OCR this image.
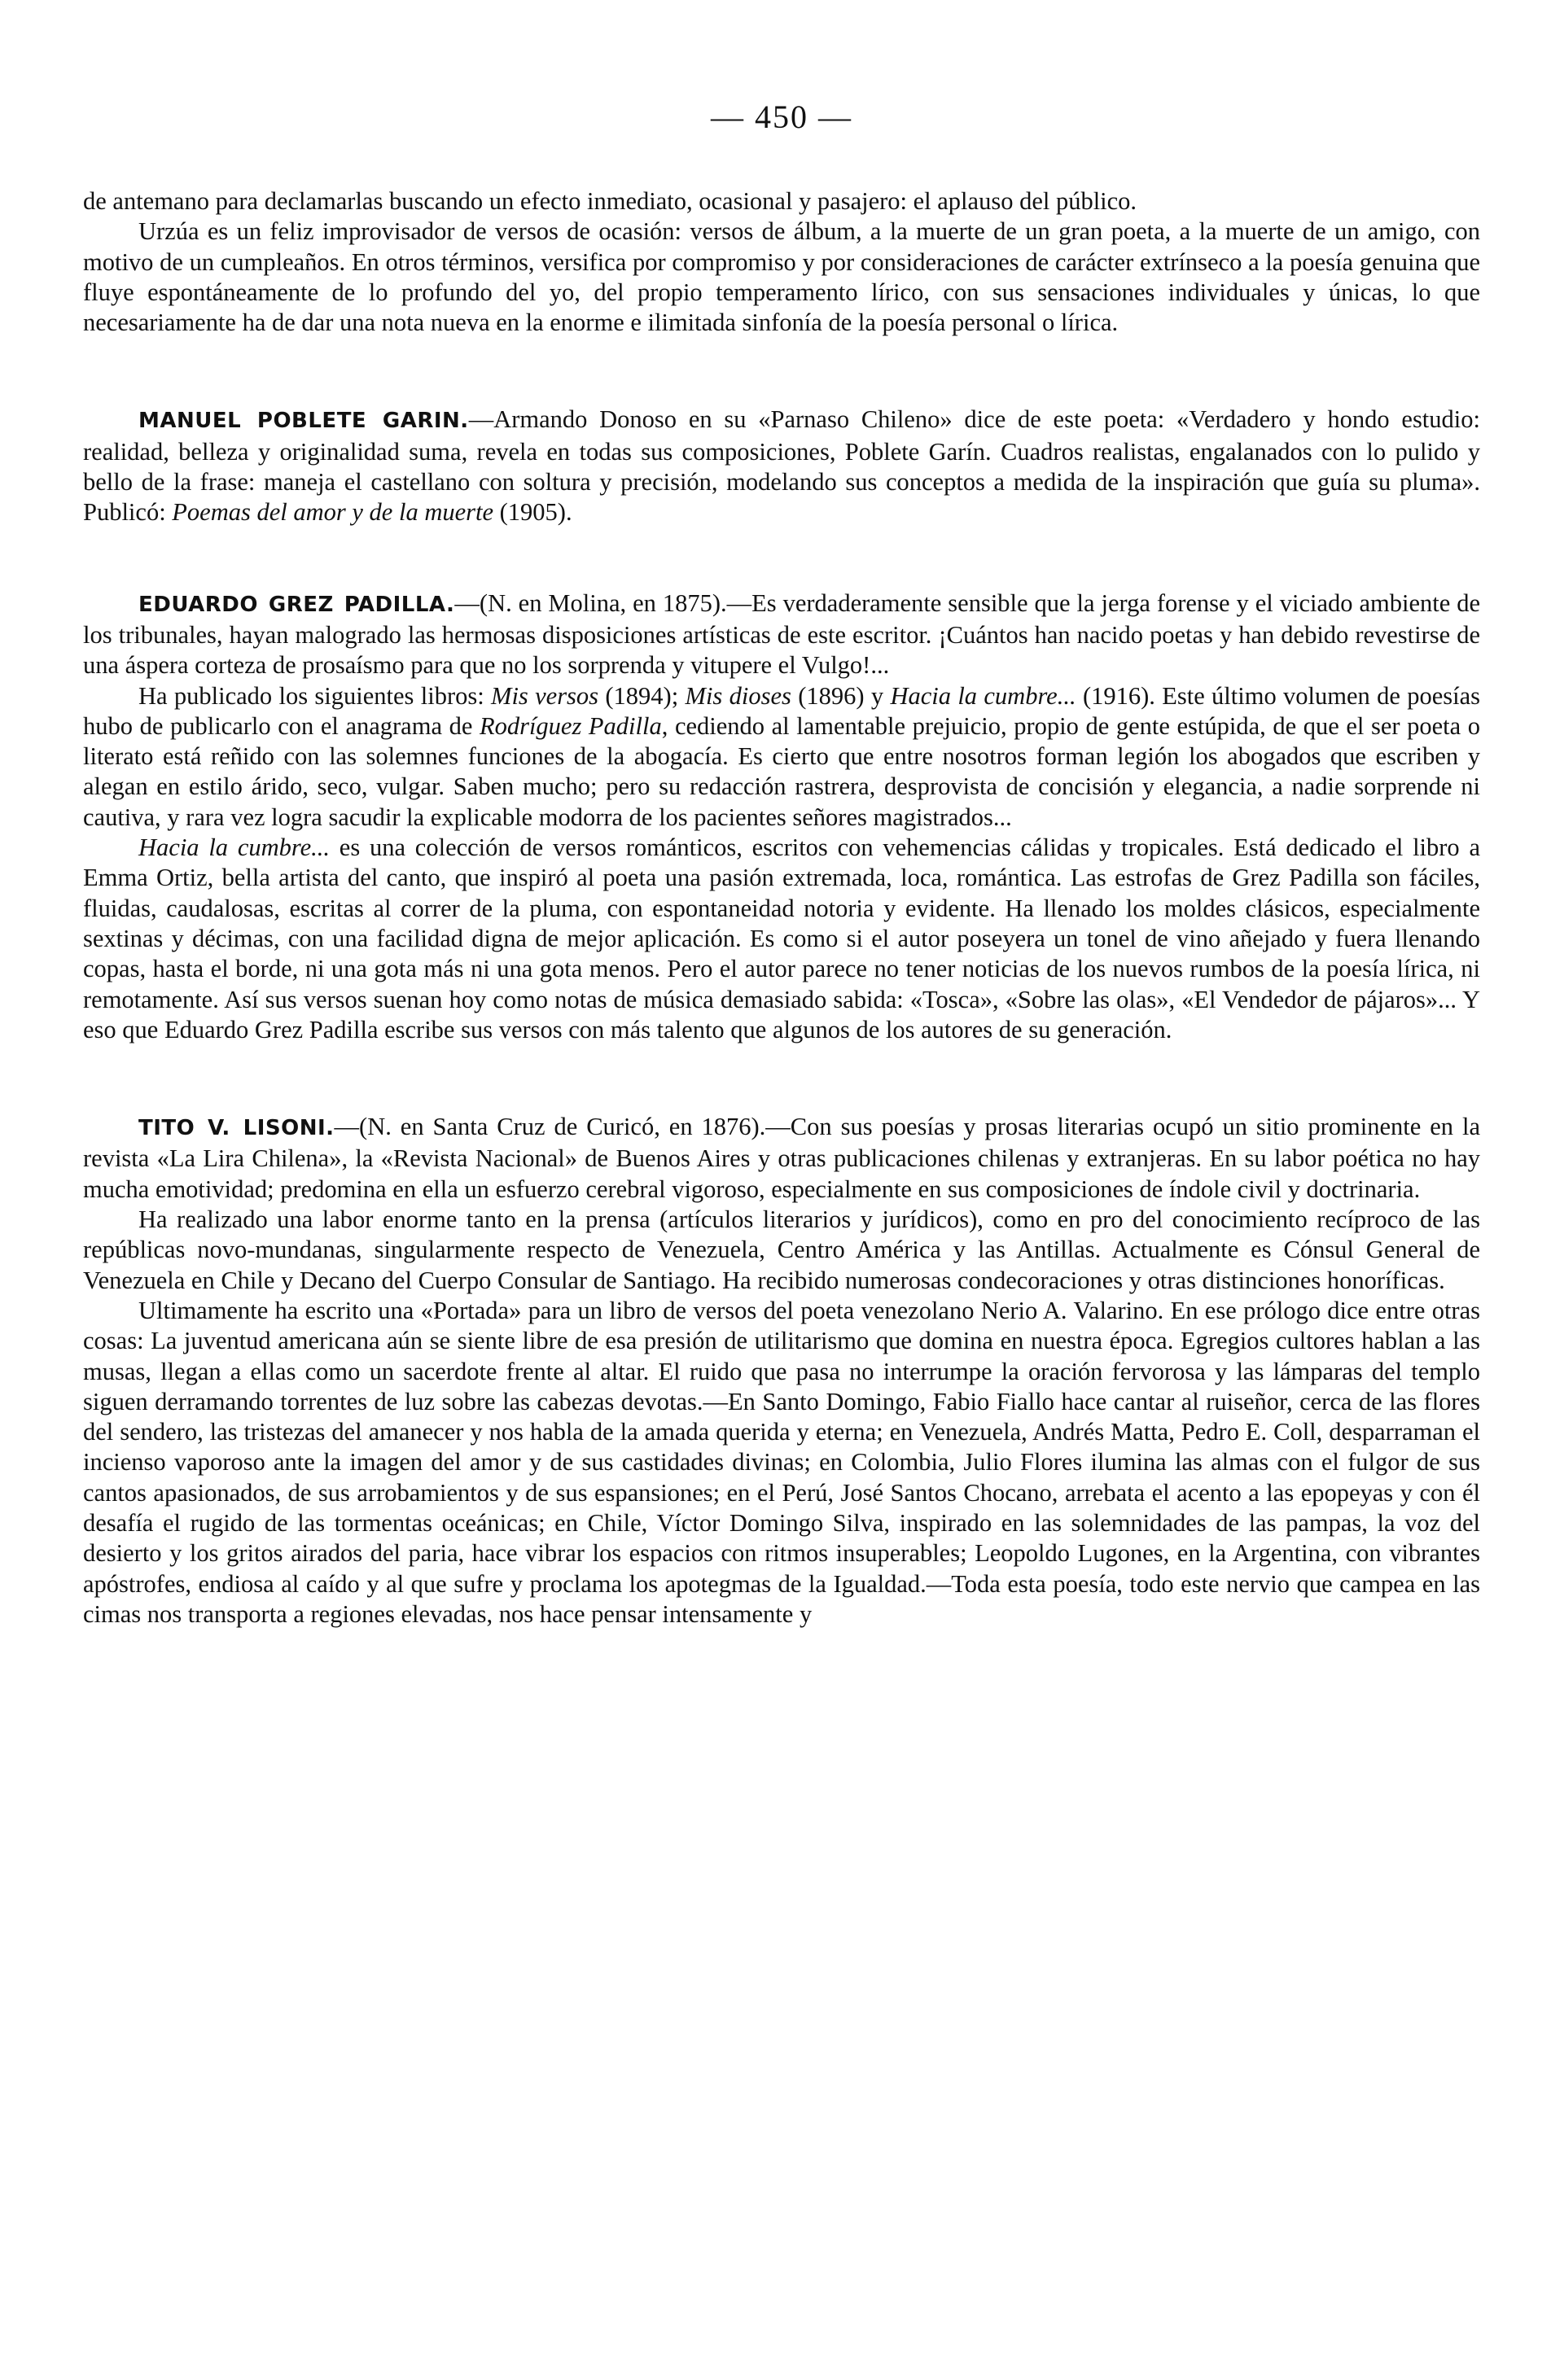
— 450 —

de antemano para declamarlas buscando un efecto inmediato, ocasional y pasajero: el aplauso del público.

Urzúa es un feliz improvisador de versos de ocasión: versos de álbum, a la muerte de un gran poeta, a la muerte de un amigo, con motivo de un cumpleaños. En otros términos, versifica por compromiso y por consideraciones de carácter extrínseco a la poesía genuina que fluye espontáneamente de lo profundo del yo, del propio temperamento lírico, con sus sensaciones individuales y únicas, lo que necesariamente ha de dar una nota nueva en la enorme e ilimitada sinfonía de la poesía personal o lírica.

MANUEL POBLETE GARIN.—Armando Donoso en su «Parnaso Chileno» dice de este poeta: «Verdadero y hondo estudio: realidad, belleza y originalidad suma, revela en todas sus composiciones, Poblete Garín. Cuadros realistas, engalanados con lo pulido y bello de la frase: maneja el castellano con soltura y precisión, modelando sus conceptos a medida de la inspiración que guía su pluma». Publicó: Poemas del amor y de la muerte (1905).

EDUARDO GREZ PADILLA.—(N. en Molina, en 1875).—Es verdaderamente sensible que la jerga forense y el viciado ambiente de los tribunales, hayan malogrado las hermosas disposiciones artísticas de este escritor. ¡Cuántos han nacido poetas y han debido revestirse de una áspera corteza de prosaísmo para que no los sorprenda y vitupere el Vulgo!...

Ha publicado los siguientes libros: Mis versos (1894); Mis dioses (1896) y Hacia la cumbre... (1916). Este último volumen de poesías hubo de publicarlo con el anagrama de Rodríguez Padilla, cediendo al lamentable prejuicio, propio de gente estúpida, de que el ser poeta o literato está reñido con las solemnes funciones de la abogacía. Es cierto que entre nosotros forman legión los abogados que escriben y alegan en estilo árido, seco, vulgar. Saben mucho; pero su redacción rastrera, desprovista de concisión y elegancia, a nadie sorprende ni cautiva, y rara vez logra sacudir la explicable modorra de los pacientes señores magistrados...

Hacia la cumbre... es una colección de versos románticos, escritos con vehemencias cálidas y tropicales. Está dedicado el libro a Emma Ortiz, bella artista del canto, que inspiró al poeta una pasión extremada, loca, romántica. Las estrofas de Grez Padilla son fáciles, fluidas, caudalosas, escritas al correr de la pluma, con espontaneidad notoria y evidente. Ha llenado los moldes clásicos, especialmente sextinas y décimas, con una facilidad digna de mejor aplicación. Es como si el autor poseyera un tonel de vino añejado y fuera llenando copas, hasta el borde, ni una gota más ni una gota menos. Pero el autor parece no tener noticias de los nuevos rumbos de la poesía lírica, ni remotamente. Así sus versos suenan hoy como notas de música demasiado sabida: «Tosca», «Sobre las olas», «El Vendedor de pájaros»... Y eso que Eduardo Grez Padilla escribe sus versos con más talento que algunos de los autores de su generación.

TITO V. LISONI.—(N. en Santa Cruz de Curicó, en 1876).—Con sus poesías y prosas literarias ocupó un sitio prominente en la revista «La Lira Chilena», la «Revista Nacional» de Buenos Aires y otras publicaciones chilenas y extranjeras. En su labor poética no hay mucha emotividad; predomina en ella un esfuerzo cerebral vigoroso, especialmente en sus composiciones de índole civil y doctrinaria.

Ha realizado una labor enorme tanto en la prensa (artículos literarios y jurídicos), como en pro del conocimiento recíproco de las repúblicas novo-mundanas, singularmente respecto de Venezuela, Centro América y las Antillas. Actualmente es Cónsul General de Venezuela en Chile y Decano del Cuerpo Consular de Santiago. Ha recibido numerosas condecoraciones y otras distinciones honoríficas.

Ultimamente ha escrito una «Portada» para un libro de versos del poeta venezolano Nerio A. Valarino. En ese prólogo dice entre otras cosas: La juventud americana aún se siente libre de esa presión de utilitarismo que domina en nuestra época. Egregios cultores hablan a las musas, llegan a ellas como un sacerdote frente al altar. El ruido que pasa no interrumpe la oración fervorosa y las lámparas del templo siguen derramando torrentes de luz sobre las cabezas devotas.—En Santo Domingo, Fabio Fiallo hace cantar al ruiseñor, cerca de las flores del sendero, las tristezas del amanecer y nos habla de la amada querida y eterna; en Venezuela, Andrés Matta, Pedro E. Coll, desparraman el incienso vaporoso ante la imagen del amor y de sus castidades divinas; en Colombia, Julio Flores ilumina las almas con el fulgor de sus cantos apasionados, de sus arrobamientos y de sus espansiones; en el Perú, José Santos Chocano, arrebata el acento a las epopeyas y con él desafía el rugido de las tormentas oceánicas; en Chile, Víctor Domingo Silva, inspirado en las solemnidades de las pampas, la voz del desierto y los gritos airados del paria, hace vibrar los espacios con ritmos insuperables; Leopoldo Lugones, en la Argentina, con vibrantes apóstrofes, endiosa al caído y al que sufre y proclama los apotegmas de la Igualdad.—Toda esta poesía, todo este nervio que campea en las cimas nos transporta a regiones elevadas, nos hace pensar intensamente y
